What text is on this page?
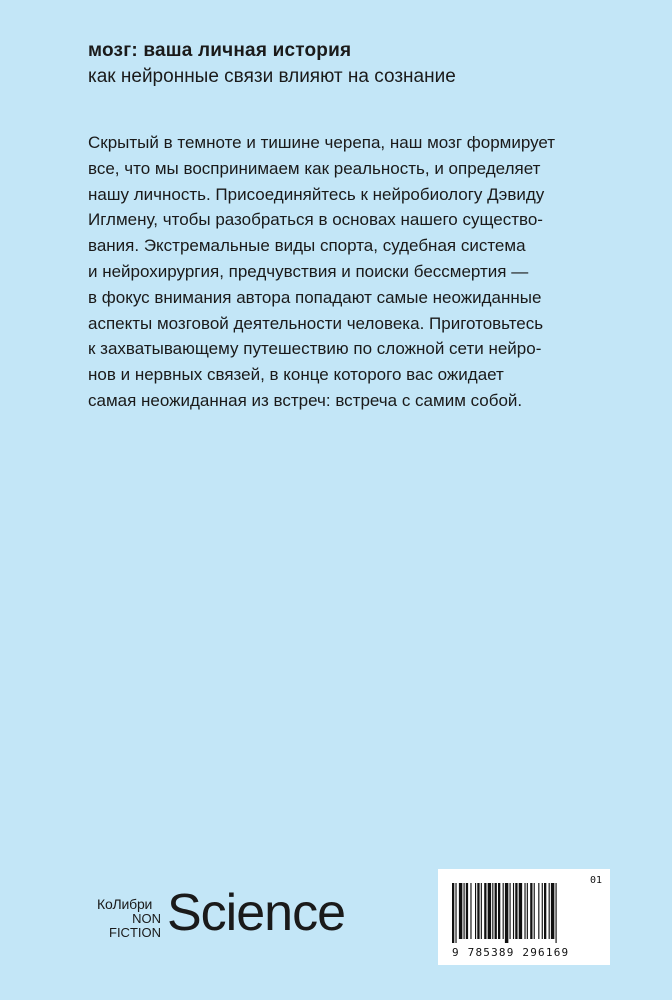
мозг: ваша личная история
как нейронные связи влияют на сознание
Скрытый в темноте и тишине черепа, наш мозг формирует
все, что мы воспринимаем как реальность, и определяет
нашу личность. Присоединяйтесь к нейробиологу Дэвиду
Иглмену, чтобы разобраться в основах нашего существо-
вания. Экстремальные виды спорта, судебная система
и нейрохирургия, предчувствия и поиски бессмертия —
в фокус внимания автора попадают самые неожиданные
аспекты мозговой деятельности человека. Приготовьтесь
к захватывающему путешествию по сложной сети нейро-
нов и нервных связей, в конце которого вас ожидает
самая неожиданная из встреч: встреча с самим собой.
КоЛибри
NON
FICTION Science
01
9 785389 296169
